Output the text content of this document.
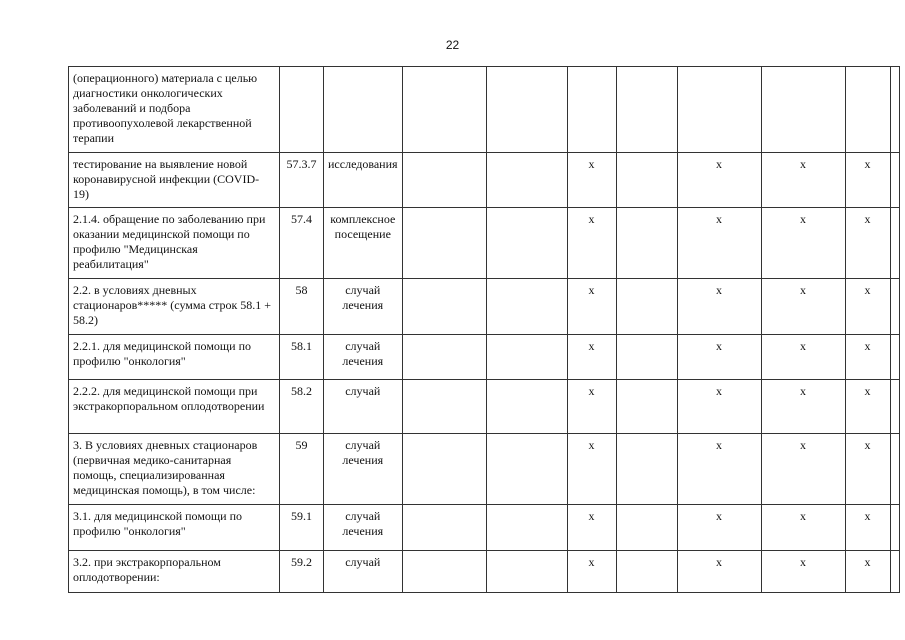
22
(операционного) материала с целью диагностики онкологических заболеваний и подбора противоопухолевой лекарственной терапии										
тестирование на выявление новой коронавирусной инфекции (COVID-19)	57.3.7	исследования			x		x	x	x	
2.1.4. обращение по заболеванию при оказании медицинской помощи по профилю "Медицинская реабилитация"	57.4	комплексное посещение			x		x	x	x	
2.2. в условиях дневных стационаров***** (сумма строк 58.1 + 58.2)	58	случай лечения			x		x	x	x	
2.2.1. для медицинской помощи по профилю "онкология"	58.1	случай лечения			x		x	x	x	
2.2.2. для медицинской помощи при экстракорпоральном оплодотворении	58.2	случай			x		x	x	x	
3. В условиях дневных стационаров (первичная медико-санитарная помощь, специализированная медицинская помощь), в том числе:	59	случай лечения			x		x	x	x	
3.1. для медицинской помощи по профилю "онкология"	59.1	случай лечения			x		x	x	x	
3.2. при экстракорпоральном оплодотворении:	59.2	случай			x		x	x	x	
